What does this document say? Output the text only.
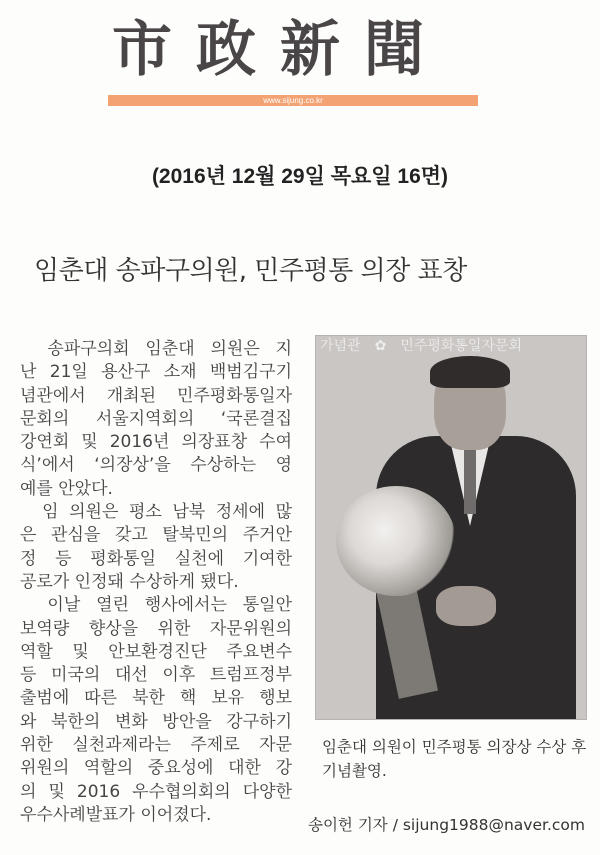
市政新聞
www.sijung.co.kr
(2016년 12월 29일 목요일 16면)
임춘대 송파구의원, 민주평통 의장 표창
　송파구의회 임춘대 의원은 지
난 21일 용산구 소재 백범김구기
념관에서 개최된 민주평화통일자
문회의 서울지역회의 ‘국론결집
강연회 및 2016년 의장표창 수여
식’에서 ‘의장상’을 수상하는 영
예를 안았다.
　임 의원은 평소 남북 정세에 많
은 관심을 갖고 탈북민의 주거안
정 등 평화통일 실천에 기여한
공로가 인정돼 수상하게 됐다.
　이날 열린 행사에서는 통일안
보역량 향상을 위한 자문위원의
역할 및 안보환경진단 주요변수
등 미국의 대선 이후 트럼프정부
출범에 따른 북한 핵 보유 행보
와 북한의 변화 방안을 강구하기
위한 실천과제라는 주제로 자문
위원의 역할의 중요성에 대한 강
의 및 2016 우수협의회의 다양한
우수사례발표가 이어졌다.
가념관　✿　민주평화통일자문회
임춘대 의원이 민주평통 의장상 수상 후 기념촬영.
송이헌 기자 / sijung1988@naver.com
